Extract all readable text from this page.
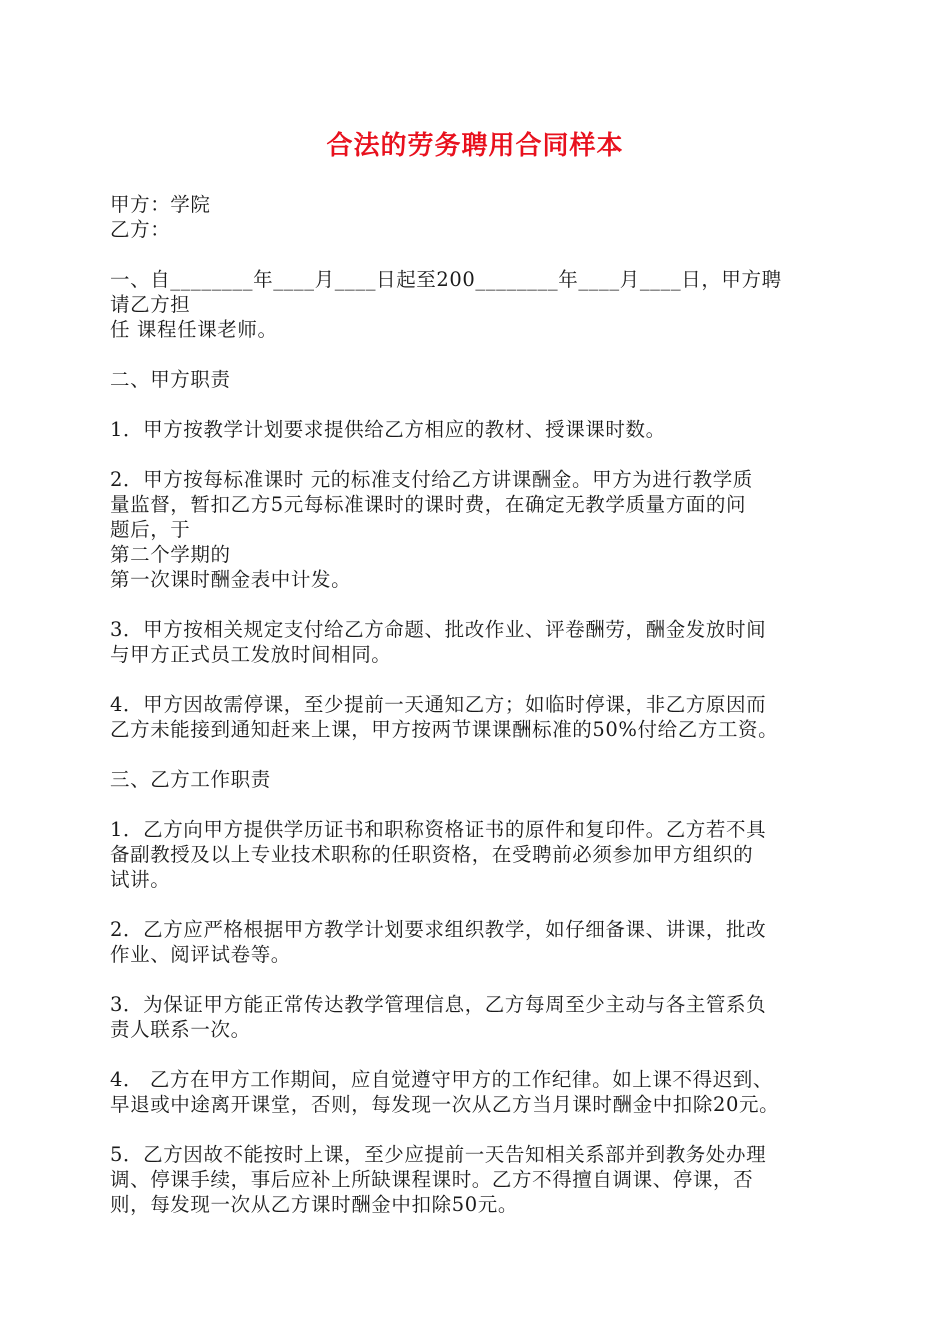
合法的劳务聘用合同样本

甲方：学院

乙方：

一、自________年____月____日起至200________年____月____日，甲方聘

请乙方担

任 课程任课老师。

二、甲方职责

1．甲方按教学计划要求提供给乙方相应的教材、授课课时数。

2．甲方按每标准课时 元的标准支付给乙方讲课酬金。甲方为进行教学质

量监督，暂扣乙方5元每标准课时的课时费，在确定无教学质量方面的问

题后，于

第二个学期的

第一次课时酬金表中计发。

3．甲方按相关规定支付给乙方命题、批改作业、评卷酬劳，酬金发放时间

与甲方正式员工发放时间相同。

4．甲方因故需停课，至少提前一天通知乙方；如临时停课，非乙方原因而

乙方未能接到通知赶来上课，甲方按两节课课酬标准的50%付给乙方工资。

三、乙方工作职责

1．乙方向甲方提供学历证书和职称资格证书的原件和复印件。乙方若不具

备副教授及以上专业技术职称的任职资格，在受聘前必须参加甲方组织的

试讲。

2．乙方应严格根据甲方教学计划要求组织教学，如仔细备课、讲课，批改

作业、阅评试卷等。

3．为保证甲方能正常传达教学管理信息，乙方每周至少主动与各主管系负

责人联系一次。

4． 乙方在甲方工作期间，应自觉遵守甲方的工作纪律。如上课不得迟到、

早退或中途离开课堂，否则，每发现一次从乙方当月课时酬金中扣除20元。

5．乙方因故不能按时上课，至少应提前一天告知相关系部并到教务处办理

调、停课手续，事后应补上所缺课程课时。乙方不得擅自调课、停课，否

则，每发现一次从乙方课时酬金中扣除50元。
